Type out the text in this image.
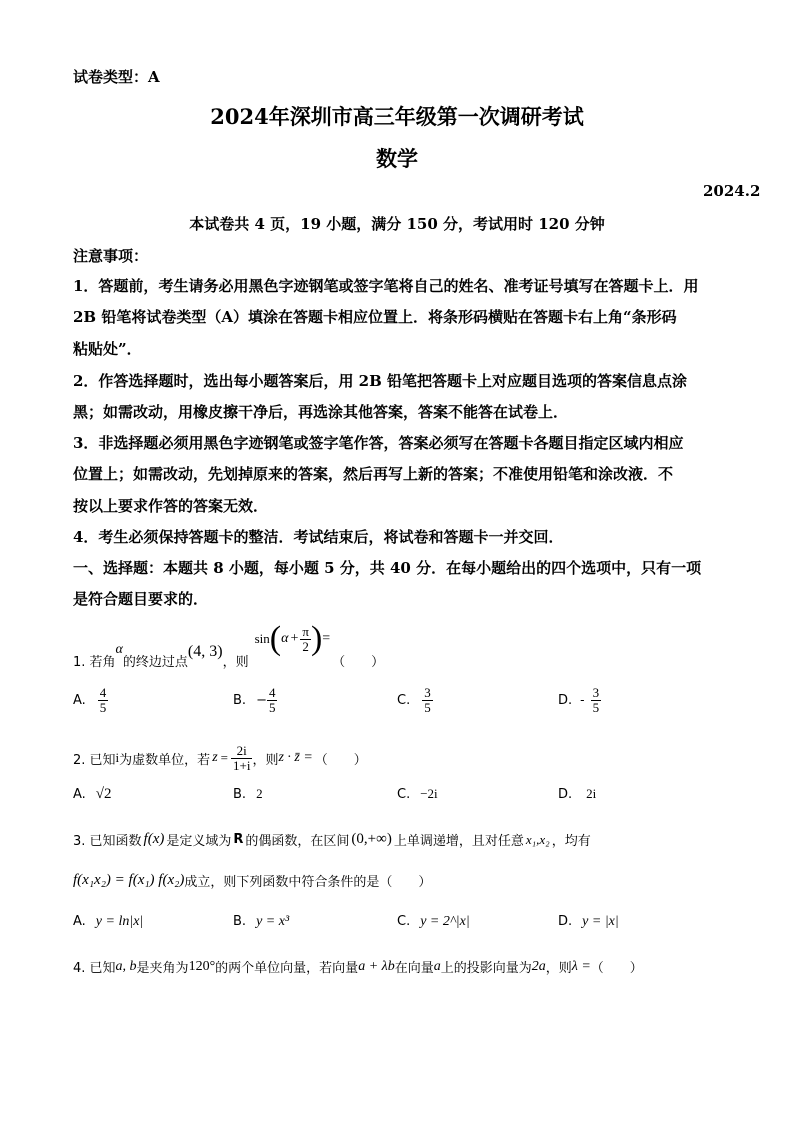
试卷类型：A
2024年深圳市高三年级第一次调研考试
数学
2024.2
本试卷共 4 页，19 小题，满分 150 分，考试用时 120 分钟
注意事项：
1．答题前，考生请务必用黑色字迹钢笔或签字笔将自己的姓名、准考证号填写在答题卡上．用
2B 铅笔将试卷类型（A）填涂在答题卡相应位置上．将条形码横贴在答题卡右上角“条形码
粘贴处”．
2．作答选择题时，选出每小题答案后，用 2B 铅笔把答题卡上对应题目选项的答案信息点涂
黑；如需改动，用橡皮擦干净后，再选涂其他答案，答案不能答在试卷上．
3．非选择题必须用黑色字迹钢笔或签字笔作答，答案必须写在答题卡各题目指定区域内相应
位置上；如需改动，先划掉原来的答案，然后再写上新的答案；不准使用铅笔和涂改液．不
按以上要求作答的答案无效．
4．考生必须保持答题卡的整洁．考试结束后，将试卷和答题卡一并交回．
一、选择题：本题共 8 小题，每小题 5 分，共 40 分．在每小题给出的四个选项中，只有一项
是符合题目要求的．
1. 若角
α
的终边过点
(4, 3)
，则
sin ( $\alpha + \frac{\pi}{2}$ ) =
（　　）
A. $\frac{4}{5}$	B. − $\frac{4}{5}$	C. $\frac{3}{5}$	D. - $\frac{3}{5}$
2. 已知 i 为虚数单位，若 $z = \frac{2i}{1+i}$ ，则 z · z̄ = （　　）
A. √2	B. 2	C. −2i	D. 2i
3. 已知函数 f(x) 是定义域为 R 的偶函数，在区间 (0,+∞) 上单调递增，且对任意 x₁,x₂ ，均有
f(x₁x₂) = f(x₁) f(x₂) 成立，则下列函数中符合条件的是（　　）
A. y = ln|x|	B. y = x³	C. y = 2^|x|	D. y = |x|
4. 已知 a, b 是夹角为 120° 的两个单位向量，若向量 a + λb 在向量 a 上的投影向量为 2a ，则 λ = （　　）
